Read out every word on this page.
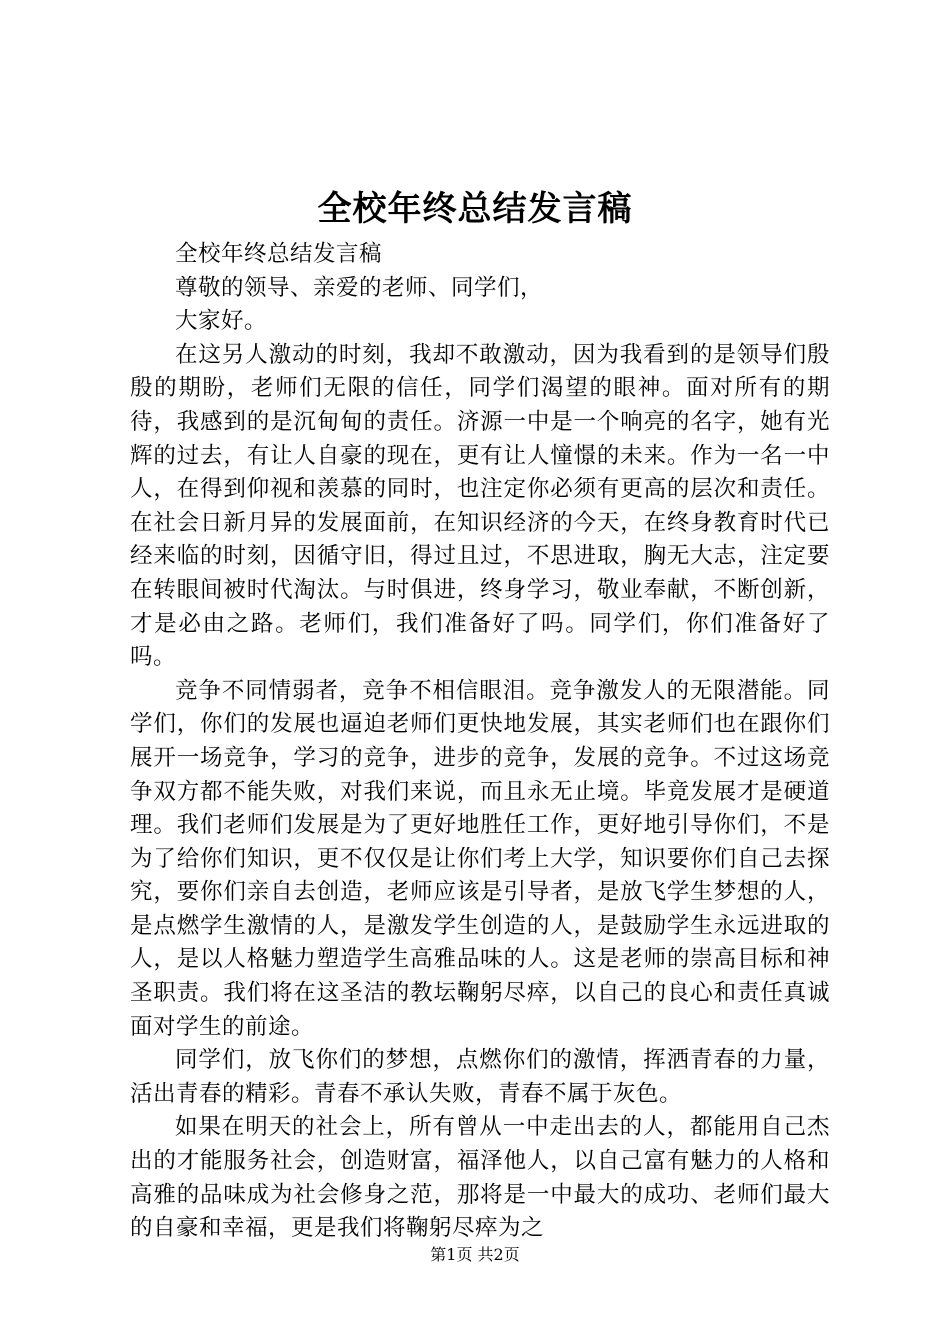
全校年终总结发言稿

全校年终总结发言稿

尊敬的领导、亲爱的老师、同学们，

大家好。

在这另人激动的时刻，我却不敢激动，因为我看到的是领导们殷殷的期盼，老师们无限的信任，同学们渴望的眼神。面对所有的期待，我感到的是沉甸甸的责任。济源一中是一个响亮的名字，她有光辉的过去，有让人自豪的现在，更有让人憧憬的未来。作为一名一中人，在得到仰视和羡慕的同时，也注定你必须有更高的层次和责任。在社会日新月异的发展面前，在知识经济的今天，在终身教育时代已经来临的时刻，因循守旧，得过且过，不思进取，胸无大志，注定要在转眼间被时代淘汰。与时俱进，终身学习，敬业奉献，不断创新，才是必由之路。老师们，我们准备好了吗。同学们，你们准备好了吗。

竞争不同情弱者，竞争不相信眼泪。竞争激发人的无限潜能。同学们，你们的发展也逼迫老师们更快地发展，其实老师们也在跟你们展开一场竞争，学习的竞争，进步的竞争，发展的竞争。不过这场竞争双方都不能失败，对我们来说，而且永无止境。毕竟发展才是硬道理。我们老师们发展是为了更好地胜任工作，更好地引导你们，不是为了给你们知识，更不仅仅是让你们考上大学，知识要你们自己去探究，要你们亲自去创造，老师应该是引导者，是放飞学生梦想的人，是点燃学生激情的人，是激发学生创造的人，是鼓励学生永远进取的人，是以人格魅力塑造学生高雅品味的人。这是老师的崇高目标和神圣职责。我们将在这圣洁的教坛鞠躬尽瘁，以自己的良心和责任真诚面对学生的前途。

同学们，放飞你们的梦想，点燃你们的激情，挥洒青春的力量，活出青春的精彩。青春不承认失败，青春不属于灰色。

如果在明天的社会上，所有曾从一中走出去的人，都能用自己杰出的才能服务社会，创造财富，福泽他人，以自己富有魅力的人格和高雅的品味成为社会修身之范，那将是一中最大的成功、老师们最大的自豪和幸福，更是我们将鞠躬尽瘁为之

第1页 共2页
